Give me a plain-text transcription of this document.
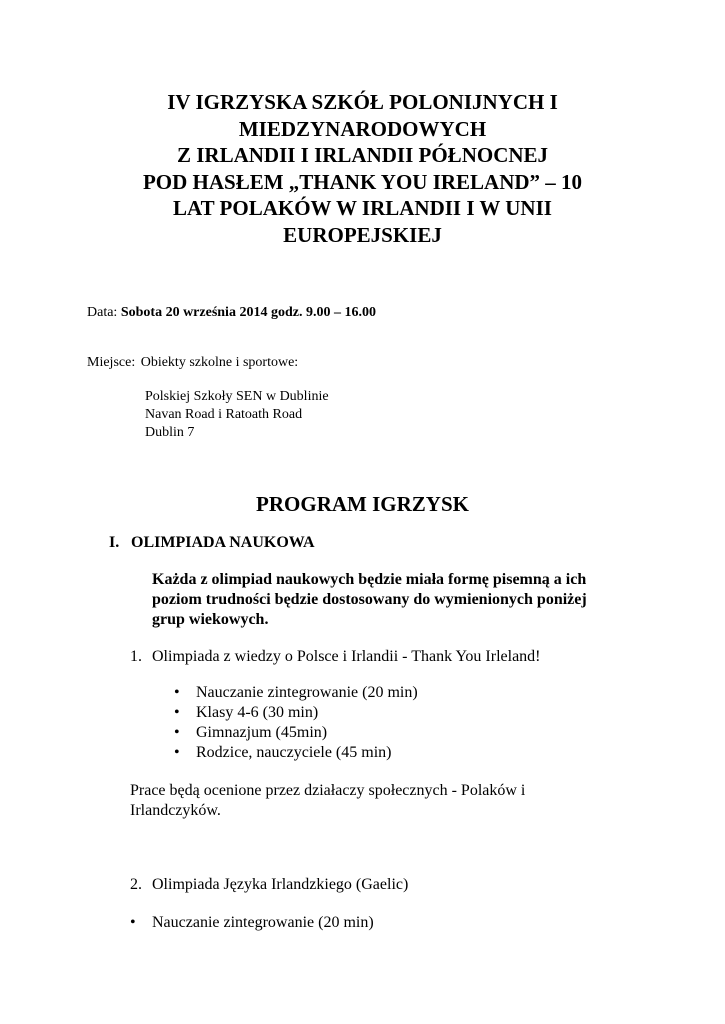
IV IGRZYSKA SZKÓŁ POLONIJNYCH I
MIEDZYNARODOWYCH
Z IRLANDII I IRLANDII PÓŁNOCNEJ
POD HASŁEM „THANK YOU IRELAND” – 10
LAT POLAKÓW W IRLANDII I W UNII
EUROPEJSKIEJ
Data: Sobota 20 września 2014 godz. 9.00 – 16.00
Miejsce: Obiekty szkolne i sportowe:
Polskiej Szkoły SEN w Dublinie
Navan Road i Ratoath Road
Dublin 7
PROGRAM IGRZYSK
I. OLIMPIADA NAUKOWA
Każda z olimpiad naukowych będzie miała formę pisemną a ich
poziom trudności będzie dostosowany do wymienionych poniżej
grup wiekowych.
1. Olimpiada z wiedzy o Polsce i Irlandii - Thank You Irleland!
• Nauczanie zintegrowanie (20 min)
• Klasy 4-6 (30 min)
• Gimnazjum (45min)
• Rodzice, nauczyciele (45 min)
Prace będą ocenione przez działaczy społecznych - Polaków i
Irlandczyków.
2. Olimpiada Języka Irlandzkiego (Gaelic)
• Nauczanie zintegrowanie (20 min)
